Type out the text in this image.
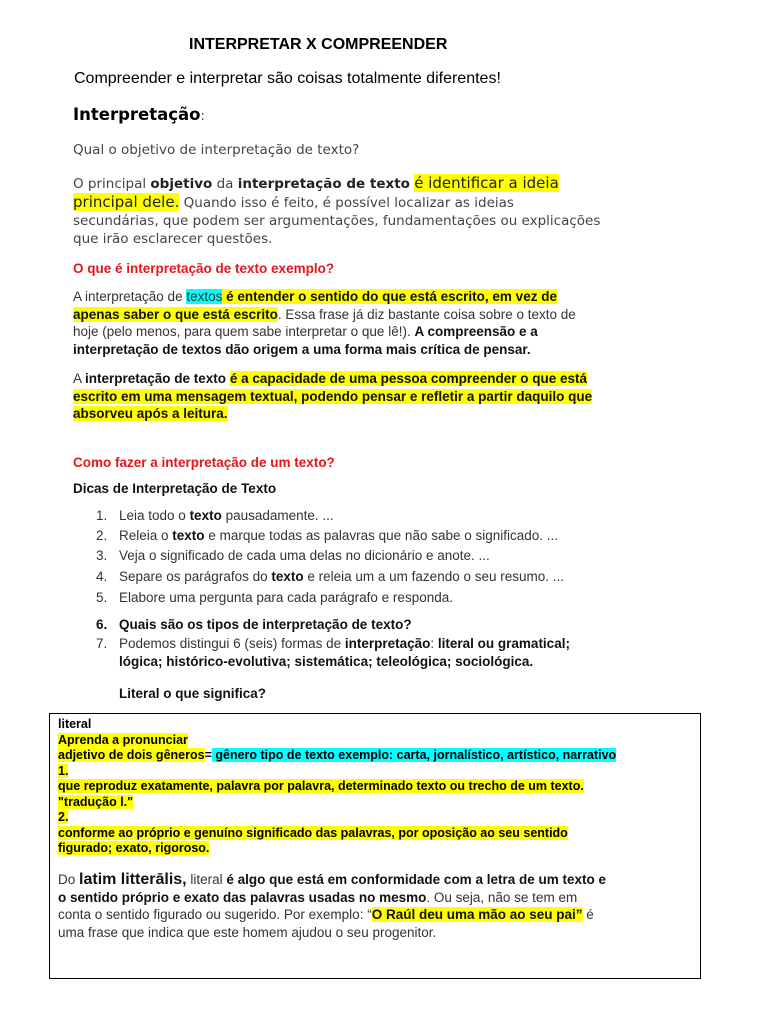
INTERPRETAR X COMPREENDER
Compreender e interpretar são coisas totalmente diferentes!
Interpretação:
Qual o objetivo de interpretação de texto?
O principal objetivo da interpretação de texto é identificar a ideia
principal dele. Quando isso é feito, é possível localizar as ideias
secundárias, que podem ser argumentações, fundamentações ou explicações
que irão esclarecer questões.
O que é interpretação de texto exemplo?
A interpretação de textos é entender o sentido do que está escrito, em vez de
apenas saber o que está escrito. Essa frase já diz bastante coisa sobre o texto de
hoje (pelo menos, para quem sabe interpretar o que lê!). A compreensão e a
interpretação de textos dão origem a uma forma mais crítica de pensar.
A interpretação de texto é a capacidade de uma pessoa compreender o que está
escrito em uma mensagem textual, podendo pensar e refletir a partir daquilo que
absorveu após a leitura.
Como fazer a interpretação de um texto?
Dicas de Interpretação de Texto
1. Leia todo o texto pausadamente. ...
2. Releia o texto e marque todas as palavras que não sabe o significado. ...
3. Veja o significado de cada uma delas no dicionário e anote. ...
4. Separe os parágrafos do texto e releia um a um fazendo o seu resumo. ...
5. Elabore uma pergunta para cada parágrafo e responda.
6. Quais são os tipos de interpretação de texto?
7. Podemos distingui 6 (seis) formas de interpretação: literal ou gramatical;
lógica; histórico-evolutiva; sistemática; teleológica; sociológica.
Literal o que significa?
literal
Aprenda a pronunciar
adjetivo de dois gêneros= gênero tipo de texto exemplo: carta, jornalístico, artístico, narrativo
1.
que reproduz exatamente, palavra por palavra, determinado texto ou trecho de um texto.
"tradução l."
2.
conforme ao próprio e genuíno significado das palavras, por oposição ao seu sentido
figurado; exato, rigoroso.
Do latim litterālis, literal é algo que está em conformidade com a letra de um texto e
o sentido próprio e exato das palavras usadas no mesmo. Ou seja, não se tem em
conta o sentido figurado ou sugerido. Por exemplo: “O Raúl deu uma mão ao seu pai” é
uma frase que indica que este homem ajudou o seu progenitor.
